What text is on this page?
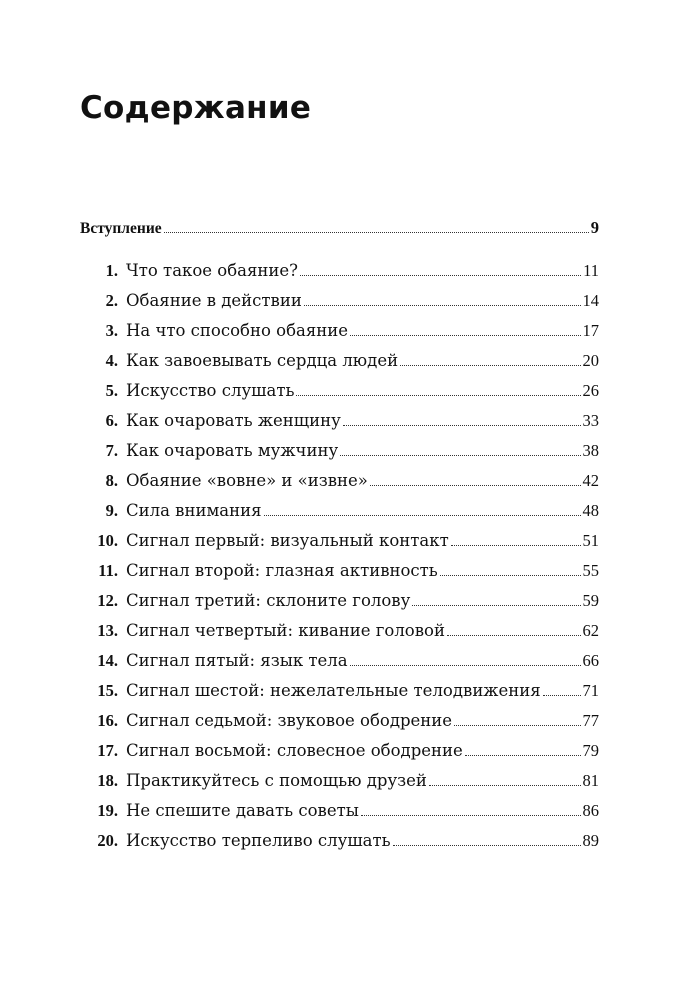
Содержание
Вступление	9
1. Что такое обаяние?	11
2. Обаяние в действии	14
3. На что способно обаяние	17
4. Как завоевывать сердца людей	20
5. Искусство слушать	26
6. Как очаровать женщину	33
7. Как очаровать мужчину	38
8. Обаяние «вовне» и «извне»	42
9. Сила внимания	48
10. Сигнал первый: визуальный контакт	51
11. Сигнал второй: глазная активность	55
12. Сигнал третий: склоните голову	59
13. Сигнал четвертый: кивание головой	62
14. Сигнал пятый: язык тела	66
15. Сигнал шестой: нежелательные телодвижения	71
16. Сигнал седьмой: звуковое ободрение	77
17. Сигнал восьмой: словесное ободрение	79
18. Практикуйтесь с помощью друзей	81
19. Не спешите давать советы	86
20. Искусство терпеливо слушать	89
